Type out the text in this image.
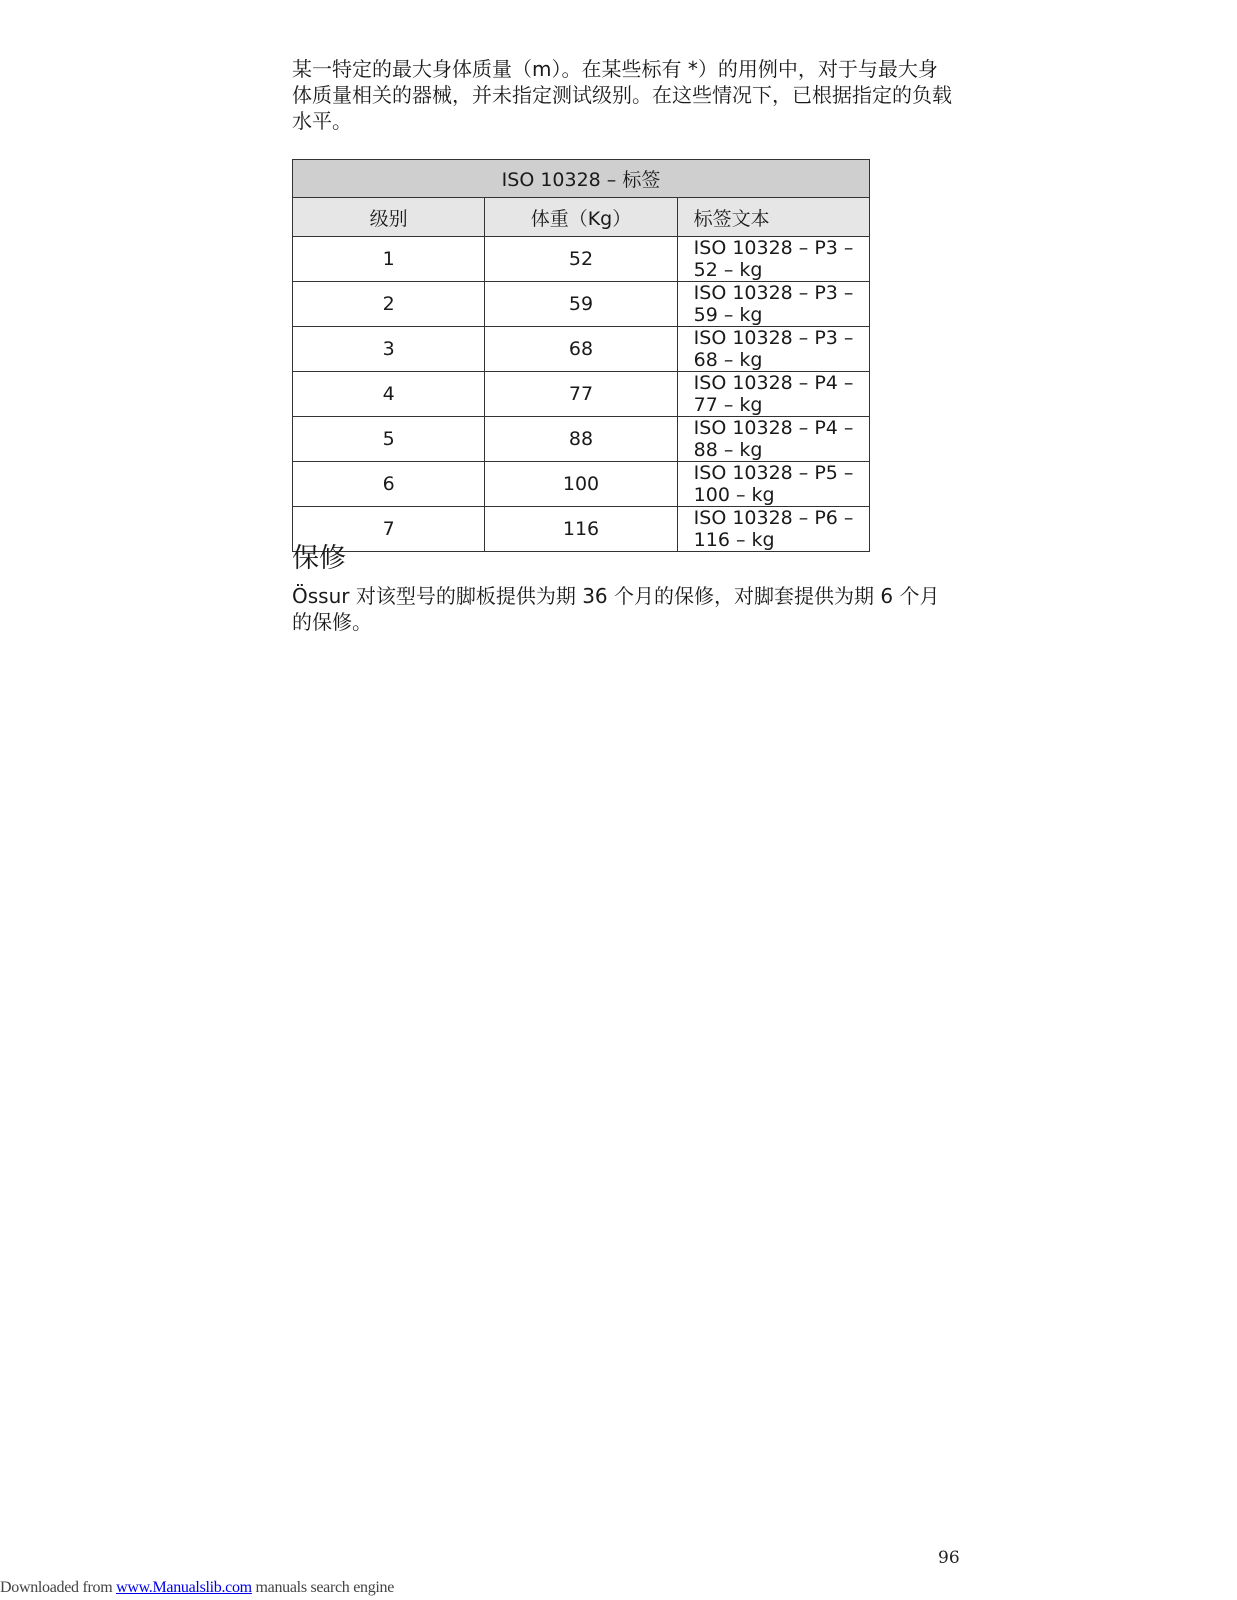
某一特定的最大身体质量（m）。在某些标有 *）的用例中，对于与最大身体质量相关的器械，并未指定测试级别。在这些情况下，已根据指定的负载水平。

ISO 10328 – 标签		
级别	体重（Kg）	标签文本
1	52	ISO 10328 – P3 – 52 – kg
2	59	ISO 10328 – P3 – 59 – kg
3	68	ISO 10328 – P3 – 68 – kg
4	77	ISO 10328 – P4 – 77 – kg
5	88	ISO 10328 – P4 – 88 – kg
6	100	ISO 10328 – P5 – 100 – kg
7	116	ISO 10328 – P6 – 116 – kg
保修

Össur 对该型号的脚板提供为期 36 个月的保修，对脚套提供为期 6 个月的保修。

96
Downloaded from www.Manualslib.com manuals search engine
